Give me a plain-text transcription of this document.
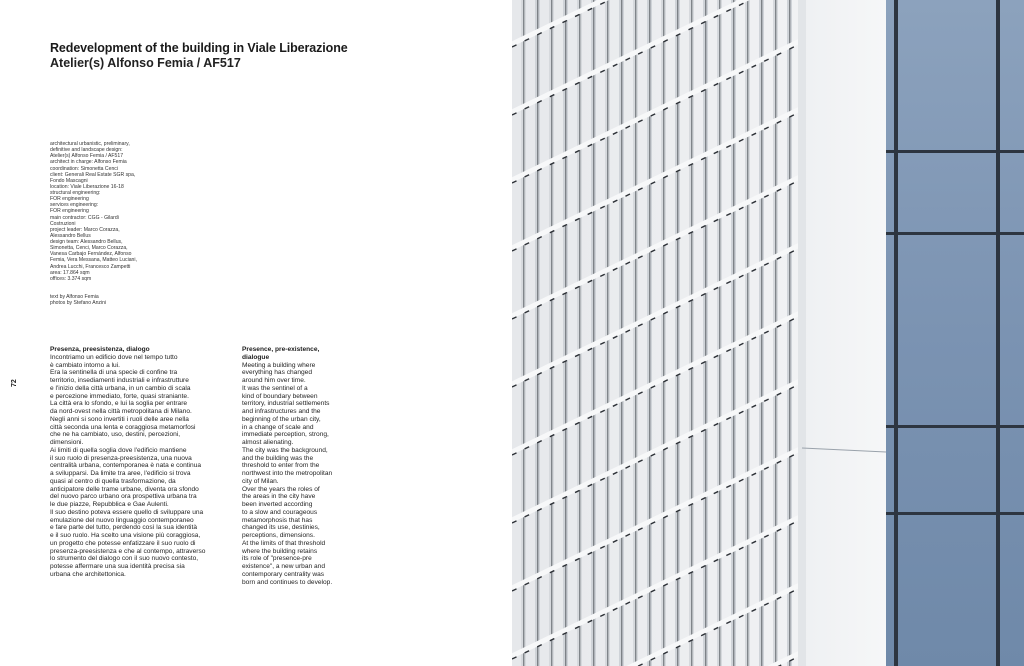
Redevelopment of the building in Viale Liberazione
Atelier(s) Alfonso Femia / AF517
architectural urbanistic, preliminary,
definitive and landscape design:
Atelier(s) Alfonso Femia / AF517
architect in charge: Alfonso Femia
coordination: Simonetta Cenci
client: Generali Real Estate SGR spa,
Fondo Mascagni
location: Viale Liberazione 16-18
structural engineering:
FOR engineering
services engineering:
FOR engineering
main contractor: CGG - Gilardi
Costruzioni
project leader: Marco Corazza,
Alessandro Bellus
design team: Alessandro Bellus,
Simonetta, Cenci, Marco Corazza,
Vanesa Carbajo Fernández, Alfonso
Femia, Vera Messana, Matteo Luciani,
Andrea Lucchi, Francesco Zampetti
area: 17.864 sqm
offices: 3.374 sqm
text by Alfonso Femia
photos by Stefano Anzini
72
Presenza, preesistenza, dialogo
Incontriamo un edificio dove nel tempo tutto
è cambiato intorno a lui.
Era la sentinella di una specie di confine tra
territorio, insediamenti industriali e infrastrutture
e l'inizio della città urbana, in un cambio di scala
e percezione immediato, forte, quasi straniante.
La città era lo sfondo, e lui la soglia per entrare
da nord-ovest nella città metropolitana di Milano.
Negli anni si sono invertiti i ruoli delle aree nella
città seconda una lenta e coraggiosa metamorfosi
che ne ha cambiato, uso, destini, percezioni,
dimensioni.
Ai limiti di quella soglia dove l'edificio mantiene
il suo ruolo di presenza-preesistenza, una nuova
centralità urbana, contemporanea è nata e continua
a svilupparsi. Da limite tra aree, l'edificio si trova
quasi al centro di quella trasformazione, da
anticipatore delle trame urbane, diventa ora sfondo
del nuovo parco urbano ora prospettiva urbana tra
le due piazze, Repubblica e Gae Aulenti.
Il suo destino poteva essere quello di sviluppare una
emulazione del nuovo linguaggio contemporaneo
e fare parte del tutto, perdendo così la sua identità
e il suo ruolo. Ha scelto una visione più coraggiosa,
un progetto che potesse enfatizzare il suo ruolo di
presenza-preesistenza e che al contempo, attraverso
lo strumento del dialogo con il suo nuovo contesto,
potesse affermare una sua identità precisa sia
urbana che architettonica.
Presence, pre-existence,
dialogue
Meeting a building where
everything has changed
around him over time.
It was the sentinel of a
kind of boundary between
territory, industrial settlements
and infrastructures and the
beginning of the urban city,
in a change of scale and
immediate perception, strong,
almost alienating.
The city was the background,
and the building was the
threshold to enter from the
northwest into the metropolitan
city of Milan.
Over the years the roles of
the areas in the city have
been inverted according
to a slow and courageous
metamorphosis that has
changed its use, destinies,
perceptions, dimensions.
At the limits of that threshold
where the building retains
its role of "presence-pre
existence", a new urban and
contemporary centrality was
born and continues to develop.
